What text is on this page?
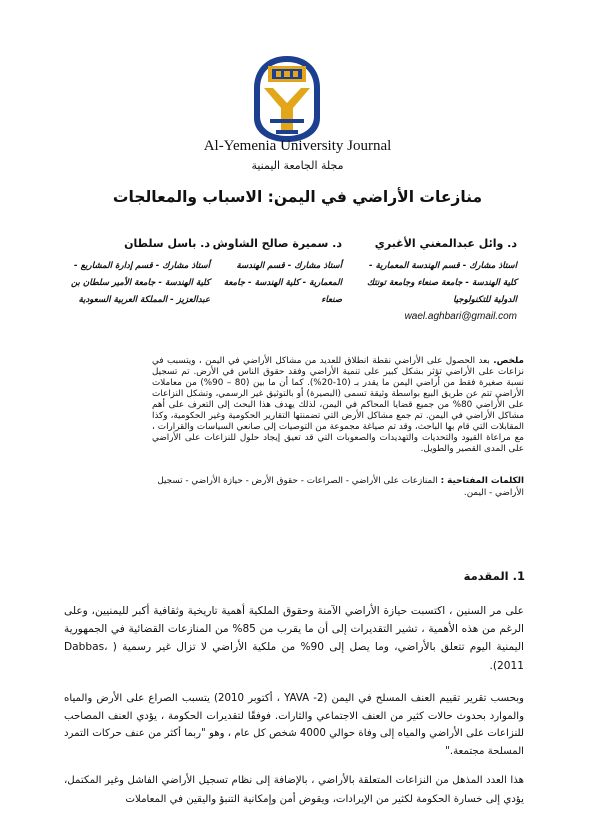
Al-Yemenia University Journal
مجلة الجامعة اليمنية
منازعات الأراضي في اليمن: الاسباب والمعالجات
د. وائل عبدالمغني الأغبري
استاذ مشارك - قسم الهندسة المعمارية - كلية الهندسة - جامعة صنعاء وجامعة تونتك الدولية للتكنولوجيا
wael.aghbari@gmail.com
د. سميرة صالح الشاوش
أستاذ مشارك - قسم الهندسة المعمارية - كلية الهندسة - جامعة صنعاء
د. باسل سلطان
أستاذ مشارك - قسم إدارة المشاريع - كلية الهندسة - جامعة الأمير سلطان بن عبدالعزيز - المملكة العربية السعودية
ملخص. بعد الحصول على الأراضي نقطة انطلاق للعديد من مشاكل الأراضي في اليمن ، ويتسبب في نزاعات على الأراضي تؤثر بشكل كبير على تنمية الأراضي وفقد حقوق الناس في الأرض. تم تسجيل نسبة صغيرة فقط من أراضي اليمن ما يقدر بـ (10-20%). كما أن ما بين (80 – 90%) من معاملات الأراضي تتم عن طريق البيع بواسطة وثيقة تسمى (البصيرة) أو بالتوثيق غير الرسمي، وتشكل النزاعات على الأراضي 80% من جميع قضايا المحاكم في اليمن، لذلك يهدف هذا البحث إلى التعرف على أهم مشاكل الأراضي في اليمن. تم جمع مشاكل الأرض التي تضمنتها التقارير الحكومية وغير الحكومية، وكذا المقابلات التي قام بها الباحث، وقد تم صياغة مجموعة من التوصيات إلى صانعي السياسات والقرارات ، مع مراعاة القيود والتحديات والتهديدات والصعوبات التي قد تعيق إيجاد حلول للنزاعات على الأراضي على المدى القصير والطويل.
الكلمات المفتاحية : المنازعات على الأراضي - الصراعات - حقوق الأرض - حيازة الأراضي - تسجيل الأراضي - اليمن.
1. المقدمة
على مر السنين ، اكتسبت حيازة الأراضي الآمنة وحقوق الملكية أهمية تاريخية وثقافية أكبر لليمنيين، وعلى الرغم من هذه الأهمية ، تشير التقديرات إلى أن ما يقرب من 85% من المنازعات القضائية في الجمهورية اليمنية اليوم تتعلق بالأراضي، وما يصل إلى 90% من ملكية الأراضي لا تزال غير رسمية ( Dabbas، 2011).
وبحسب تقرير تقييم العنف المسلح في اليمن (2- YAVA ، أكتوبر 2010) يتسبب الصراع على الأرض والمياه والموارد بحدوث حالات كثير من العنف الاجتماعي والثارات. فوفقًا لتقديرات الحكومة ، يؤدي العنف المصاحب للنزاعات على الأراضي والمياه إلى وفاة حوالي 4000 شخص كل عام ، وهو "ربما أكثر من عنف حركات التمرد المسلحة مجتمعة."
هذا العدد المذهل من النزاعات المتعلقة بالأراضي ، بالإضافة إلى نظام تسجيل الأراضي الفاشل وغير المكتمل، يؤدي إلى خسارة الحكومة لكثير من الإيرادات، ويقوض أمن وإمكانية التنبؤ واليقين في المعاملات
